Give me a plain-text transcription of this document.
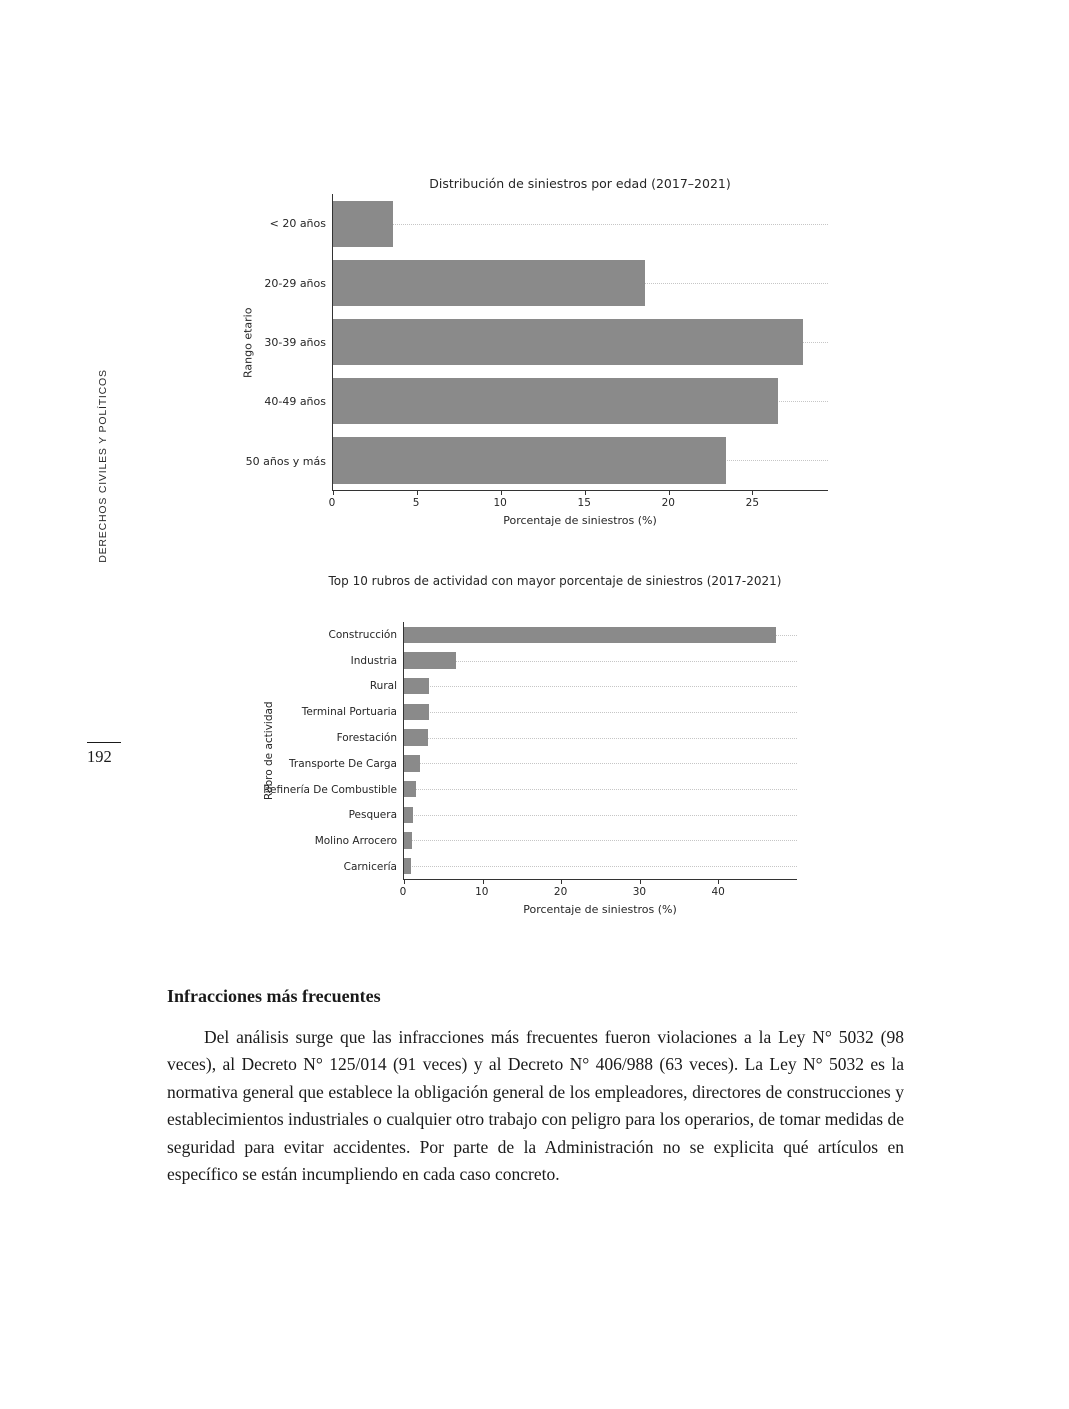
DERECHOS CIVILES Y POLÍTICOS
192
Distribución de siniestros por edad (2017–2021)
Rango etario
< 20 años
20-29 años
30-39 años
40-49 años
50 años y más
0	5	10	15	20	25
Porcentaje de siniestros (%)
Top 10 rubros de actividad con mayor porcentaje de siniestros (2017-2021)
Rubro de actividad
Construcción
Industria
Rural
Terminal Portuaria
Forestación
Transporte De Carga
Refinería De Combustible
Pesquera
Molino Arrocero
Carnicería
0	10	20	30	40
Porcentaje de siniestros (%)
Infracciones más frecuentes

Del análisis surge que las infracciones más frecuentes fueron violaciones a la Ley N° 5032 (98 veces), al Decreto N° 125/014 (91 veces) y al Decreto N° 406/988 (63 veces). La Ley N° 5032 es la normativa general que establece la obligación general de los empleadores, directores de construcciones y establecimientos industriales o cualquier otro trabajo con peligro para los operarios, de tomar medidas de seguridad para evitar accidentes. Por parte de la Administración no se explicita qué artículos en específico se están incumpliendo en cada caso concreto.
